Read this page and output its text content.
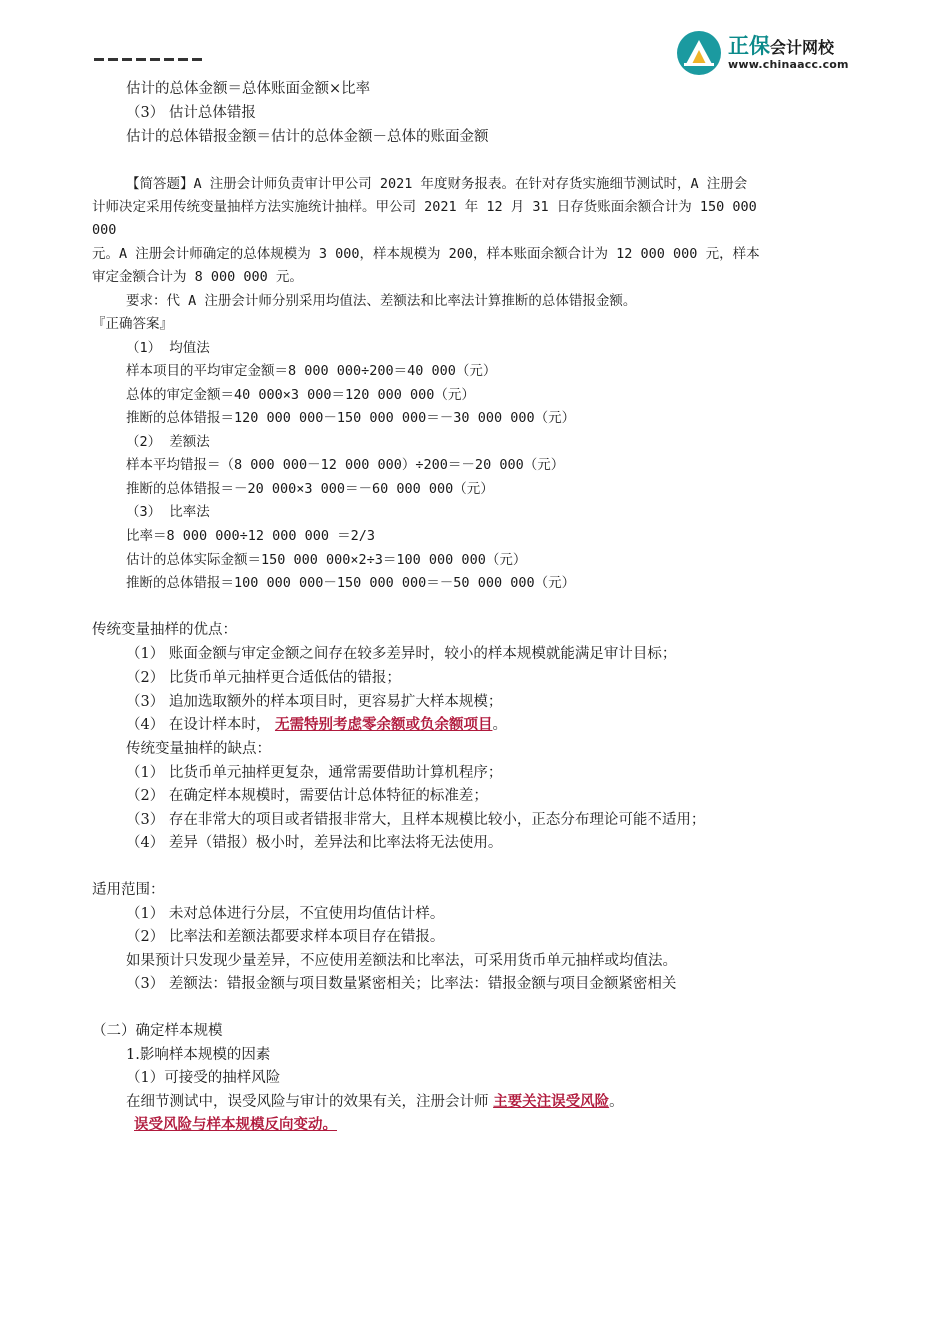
正保会计网校
www.chinaacc.com
估计的总体金额＝总体账面金额×比率
（3） 估计总体错报
估计的总体错报金额＝估计的总体金额－总体的账面金额
【简答题】A 注册会计师负责审计甲公司 2021 年度财务报表。在针对存货实施细节测试时，A 注册会
计师决定采用传统变量抽样方法实施统计抽样。甲公司 2021 年 12 月 31 日存货账面余额合计为 150 000
000
元。A 注册会计师确定的总体规模为 3 000，样本规模为 200，样本账面余额合计为 12 000 000 元，样本
审定金额合计为 8 000 000 元。
要求：代 A 注册会计师分别采用均值法、差额法和比率法计算推断的总体错报金额。
『正确答案』
（1） 均值法
样本项目的平均审定金额＝8 000 000÷200＝40 000（元）
总体的审定金额＝40 000×3 000＝120 000 000（元）
推断的总体错报＝120 000 000－150 000 000＝－30 000 000（元）
（2） 差额法
样本平均错报＝（8 000 000－12 000 000）÷200＝－20 000（元）
推断的总体错报＝－20 000×3 000＝－60 000 000（元）
（3） 比率法
比率＝8 000 000÷12 000 000 ＝2/3
估计的总体实际金额＝150 000 000×2÷3＝100 000 000（元）
推断的总体错报＝100 000 000－150 000 000＝－50 000 000（元）
传统变量抽样的优点：
（1） 账面金额与审定金额之间存在较多差异时，较小的样本规模就能满足审计目标；
（2） 比货币单元抽样更合适低估的错报；
（3） 追加选取额外的样本项目时，更容易扩大样本规模；
（4） 在设计样本时， 无需特别考虑零余额或负余额项目。
传统变量抽样的缺点：
（1） 比货币单元抽样更复杂，通常需要借助计算机程序；
（2） 在确定样本规模时，需要估计总体特征的标准差；
（3） 存在非常大的项目或者错报非常大，且样本规模比较小，正态分布理论可能不适用；
（4） 差异（错报）极小时，差异法和比率法将无法使用。
适用范围：
（1） 未对总体进行分层，不宜使用均值估计样。
（2） 比率法和差额法都要求样本项目存在错报。
如果预计只发现少量差异，不应使用差额法和比率法，可采用货币单元抽样或均值法。
（3） 差额法：错报金额与项目数量紧密相关；比率法：错报金额与项目金额紧密相关
（二）确定样本规模
1.影响样本规模的因素
（1）可接受的抽样风险
在细节测试中，误受风险与审计的效果有关，注册会计师 主要关注误受风险。
误受风险与样本规模反向变动。
